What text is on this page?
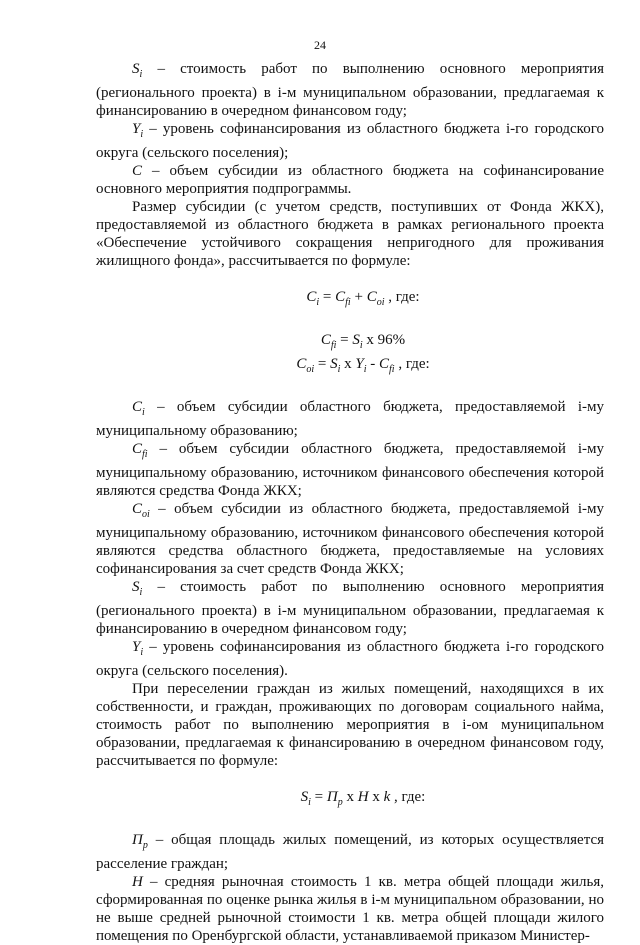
24

$S_i$ – стоимость работ по выполнению основного мероприятия (регионального проекта) в i-м муниципальном образовании, предлагаемая к финансированию в очередном финансовом году;

$Y_i$ – уровень софинансирования из областного бюджета i-го городского округа (сельского поселения);

C – объем субсидии из областного бюджета на софинансирование основного мероприятия подпрограммы.

Размер субсидии (с учетом средств, поступивших от Фонда ЖКХ), предоставляемой из областного бюджета в рамках регионального проекта «Обеспечение устойчивого сокращения непригодного для проживания жилищного фонда», рассчитывается по формуле:

$C_i = C_{fi} + C_{oi}$ , где:

$C_{fi} = S_i$ x 96%

$C_{oi} = S_i$ x $Y_i - C_{fi}$ , где:

$C_i$ – объем субсидии областного бюджета, предоставляемой i-му муниципальному образованию;

$C_{fi}$ – объем субсидии областного бюджета, предоставляемой i-му муниципальному образованию, источником финансового обеспечения которой являются средства Фонда ЖКХ;

$C_{oi}$ – объем субсидии из областного бюджета, предоставляемой i-му муниципальному образованию, источником финансового обеспечения которой являются средства областного бюджета, предоставляемые на условиях софинансирования за счет средств Фонда ЖКХ;

$S_i$ – стоимость работ по выполнению основного мероприятия (регионального проекта) в i-м муниципальном образовании, предлагаемая к финансированию в очередном финансовом году;

$Y_i$ – уровень софинансирования из областного бюджета i-го городского округа (сельского поселения).

При переселении граждан из жилых помещений, находящихся в их собственности, и граждан, проживающих по договорам социального найма, стоимость работ по выполнению мероприятия в i-ом муниципальном образовании, предлагаемая к финансированию в очередном финансовом году, рассчитывается по формуле:

$S_i = П_p$ x H x k , где:

$П_p$ – общая площадь жилых помещений, из которых осуществляется расселение граждан;

H – средняя рыночная стоимость 1 кв. метра общей площади жилья, сформированная по оценке рынка жилья в i-м муниципальном образовании, но не выше средней рыночной стоимости 1 кв. метра общей площади жилого помещения по Оренбургской области, устанавливаемой приказом Министер-
